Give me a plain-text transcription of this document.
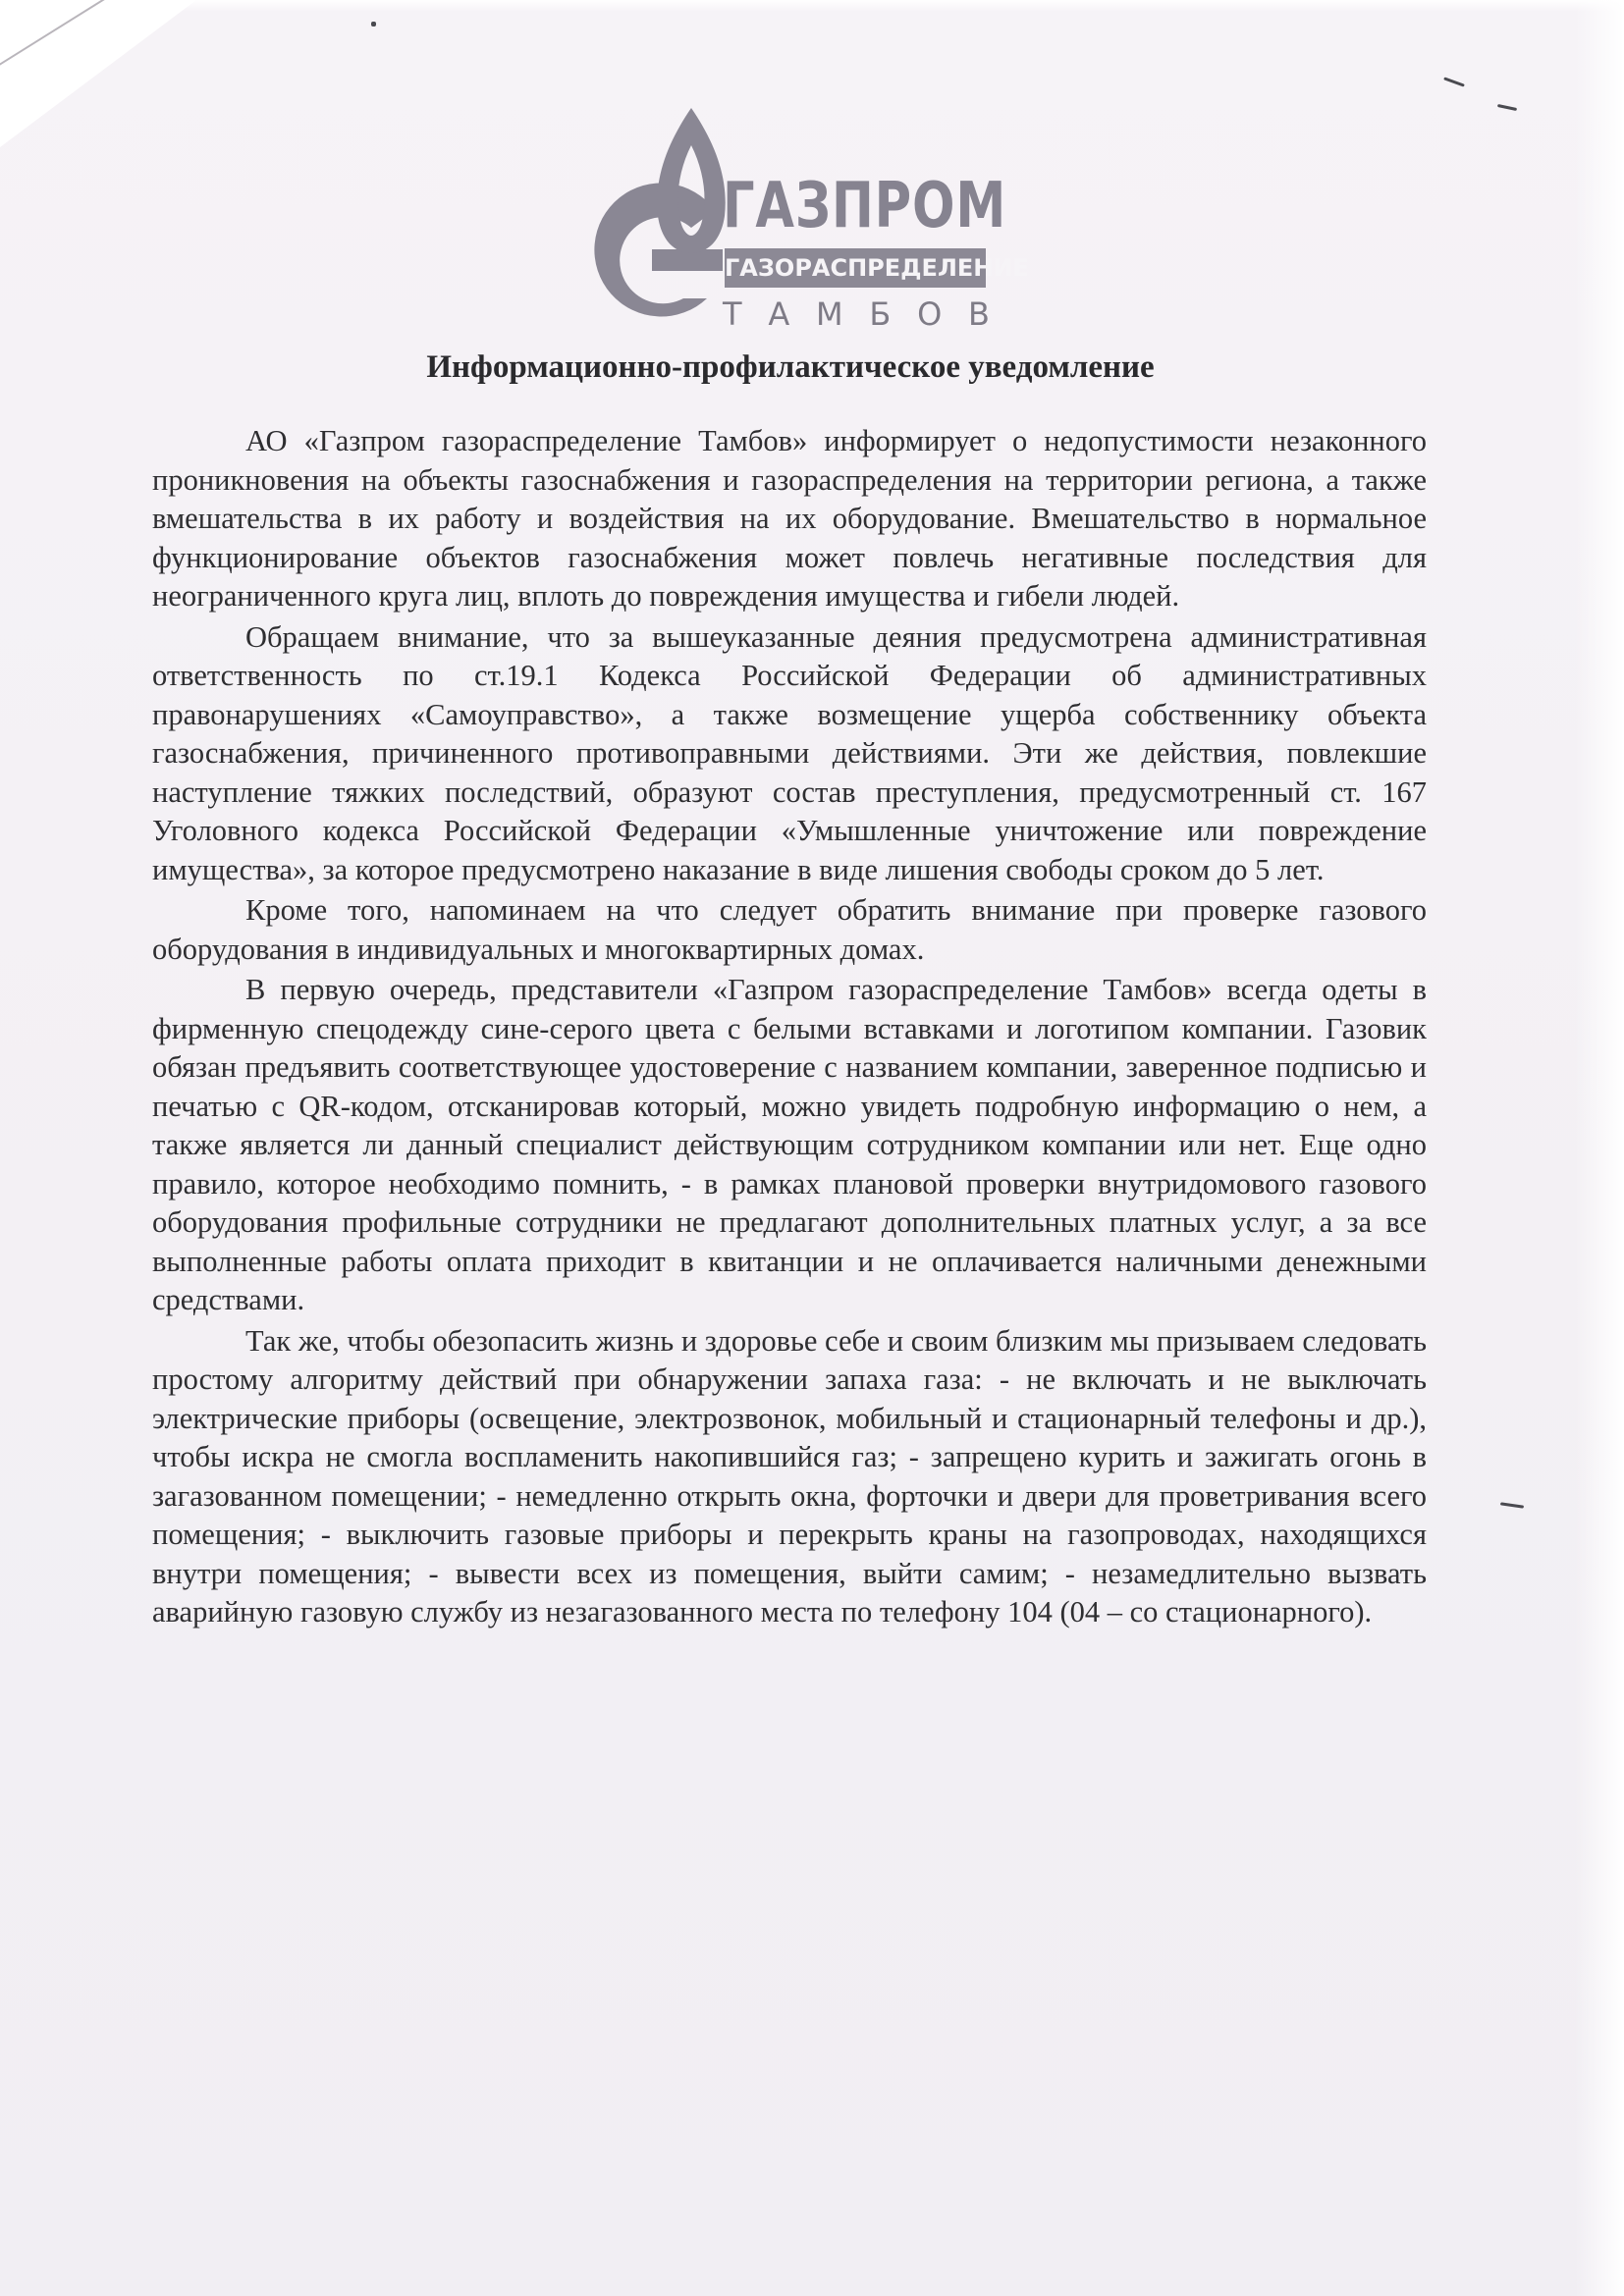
ГАЗПРОМ
ГАЗОРАСПРЕДЕЛЕНИЕ
Т А М Б О В
Информационно-профилактическое уведомление

АО «Газпром газораспределение Тамбов» информирует о недопустимости незаконного проникновения на объекты газоснабжения и газораспределения на территории региона, а также вмешательства в их работу и воздействия на их оборудование. Вмешательство в нормальное функционирование объектов газоснабжения может повлечь негативные последствия для неограниченного круга лиц, вплоть до повреждения имущества и гибели людей.

Обращаем внимание, что за вышеуказанные деяния предусмотрена административная ответственность по ст.19.1 Кодекса Российской Федерации об административных правонарушениях «Самоуправство», а также возмещение ущерба собственнику объекта газоснабжения, причиненного противоправными действиями. Эти же действия, повлекшие наступление тяжких последствий, образуют состав преступления, предусмотренный ст. 167 Уголовного кодекса Российской Федерации «Умышленные уничтожение или повреждение имущества», за которое предусмотрено наказание в виде лишения свободы сроком до 5 лет.

Кроме того, напоминаем на что следует обратить внимание при проверке газового оборудования в индивидуальных и многоквартирных домах.

В первую очередь, представители «Газпром газораспределение Тамбов» всегда одеты в фирменную спецодежду сине-серого цвета с белыми вставками и логотипом компании. Газовик обязан предъявить соответствующее удостоверение с названием компании, заверенное подписью и печатью с QR-кодом, отсканировав который, можно увидеть подробную информацию о нем, а также является ли данный специалист действующим сотрудником компании или нет. Еще одно правило, которое необходимо помнить, - в рамках плановой проверки внутридомового газового оборудования профильные сотрудники не предлагают дополнительных платных услуг, а за все выполненные работы оплата приходит в квитанции и не оплачивается наличными денежными средствами.

Так же, чтобы обезопасить жизнь и здоровье себе и своим близким мы призываем следовать простому алгоритму действий при обнаружении запаха газа: - не включать и не выключать электрические приборы (освещение, электрозвонок, мобильный и стационарный телефоны и др.), чтобы искра не смогла воспламенить накопившийся газ; - запрещено курить и зажигать огонь в загазованном помещении; - немедленно открыть окна, форточки и двери для проветривания всего помещения; - выключить газовые приборы и перекрыть краны на газопроводах, находящихся внутри помещения; - вывести всех из помещения, выйти самим; - незамедлительно вызвать аварийную газовую службу из незагазованного места по телефону 104 (04 – со стационарного).
